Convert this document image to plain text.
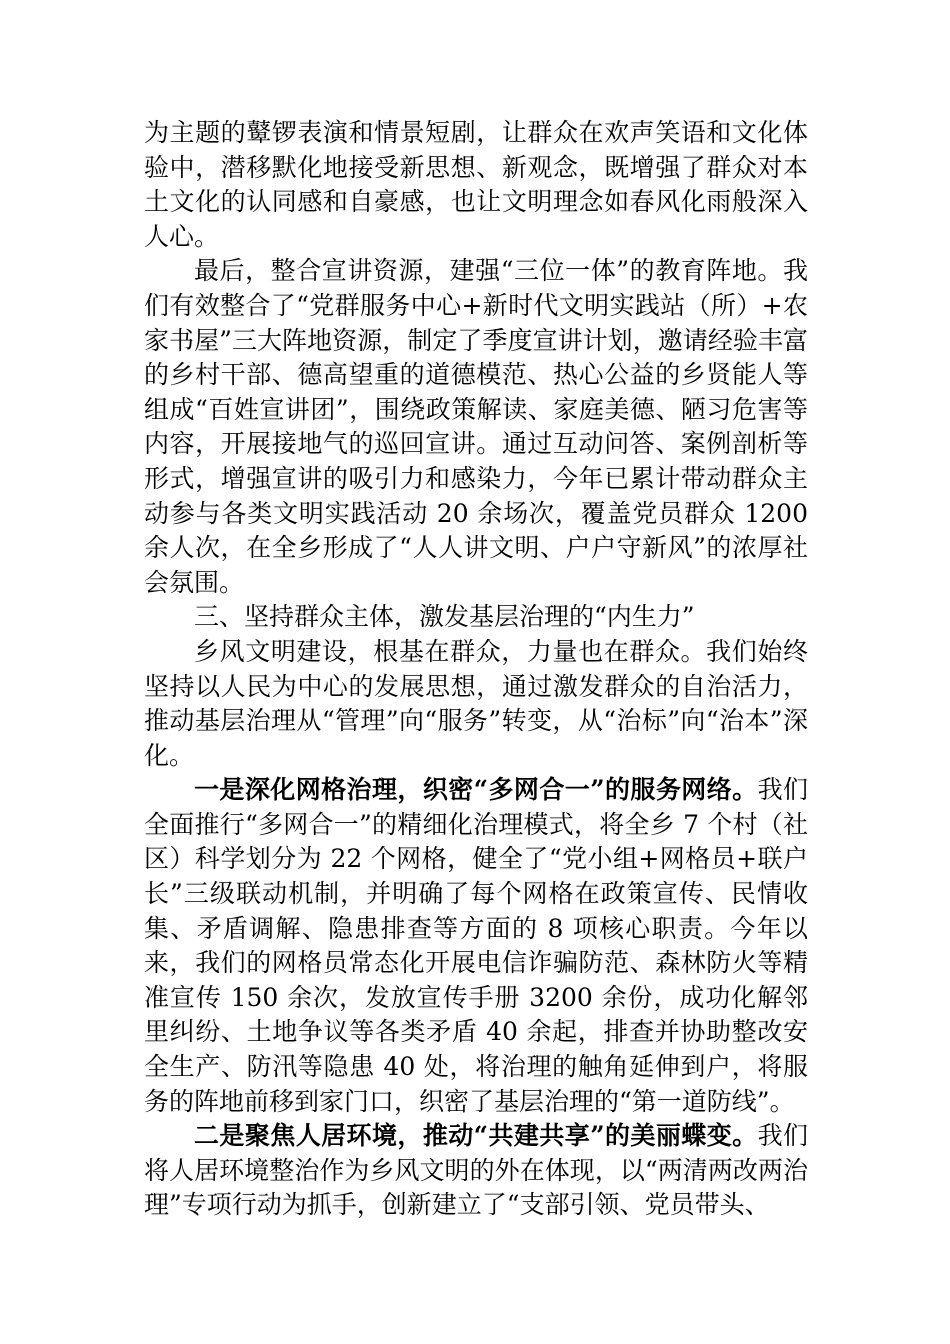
为主题的鼙锣表演和情景短剧，让群众在欢声笑语和文化体验中，潜移默化地接受新思想、新观念，既增强了群众对本土文化的认同感和自豪感，也让文明理念如春风化雨般深入人心。

最后，整合宣讲资源，建强“三位一体”的教育阵地。我们有效整合了“党群服务中心+新时代文明实践站（所）+农家书屋”三大阵地资源，制定了季度宣讲计划，邀请经验丰富的乡村干部、德高望重的道德模范、热心公益的乡贤能人等组成“百姓宣讲团”，围绕政策解读、家庭美德、陋习危害等内容，开展接地气的巡回宣讲。通过互动问答、案例剖析等形式，增强宣讲的吸引力和感染力，今年已累计带动群众主动参与各类文明实践活动 20 余场次，覆盖党员群众 1200 余人次，在全乡形成了“人人讲文明、户户守新风”的浓厚社会氛围。

三、坚持群众主体，激发基层治理的“内生力”

乡风文明建设，根基在群众，力量也在群众。我们始终坚持以人民为中心的发展思想，通过激发群众的自治活力，推动基层治理从“管理”向“服务”转变，从“治标”向“治本”深化。

一是深化网格治理，织密“多网合一”的服务网络。我们全面推行“多网合一”的精细化治理模式，将全乡 7 个村（社区）科学划分为 22 个网格，健全了“党小组+网格员+联户长”三级联动机制，并明确了每个网格在政策宣传、民情收集、矛盾调解、隐患排查等方面的 8 项核心职责。今年以来，我们的网格员常态化开展电信诈骗防范、森林防火等精准宣传 150 余次，发放宣传手册 3200 余份，成功化解邻里纠纷、土地争议等各类矛盾 40 余起，排查并协助整改安全生产、防汛等隐患 40 处，将治理的触角延伸到户，将服务的阵地前移到家门口，织密了基层治理的“第一道防线”。

二是聚焦人居环境，推动“共建共享”的美丽蝶变。我们将人居环境整治作为乡风文明的外在体现，以“两清两改两治理”专项行动为抓手，创新建立了“支部引领、党员带头、
